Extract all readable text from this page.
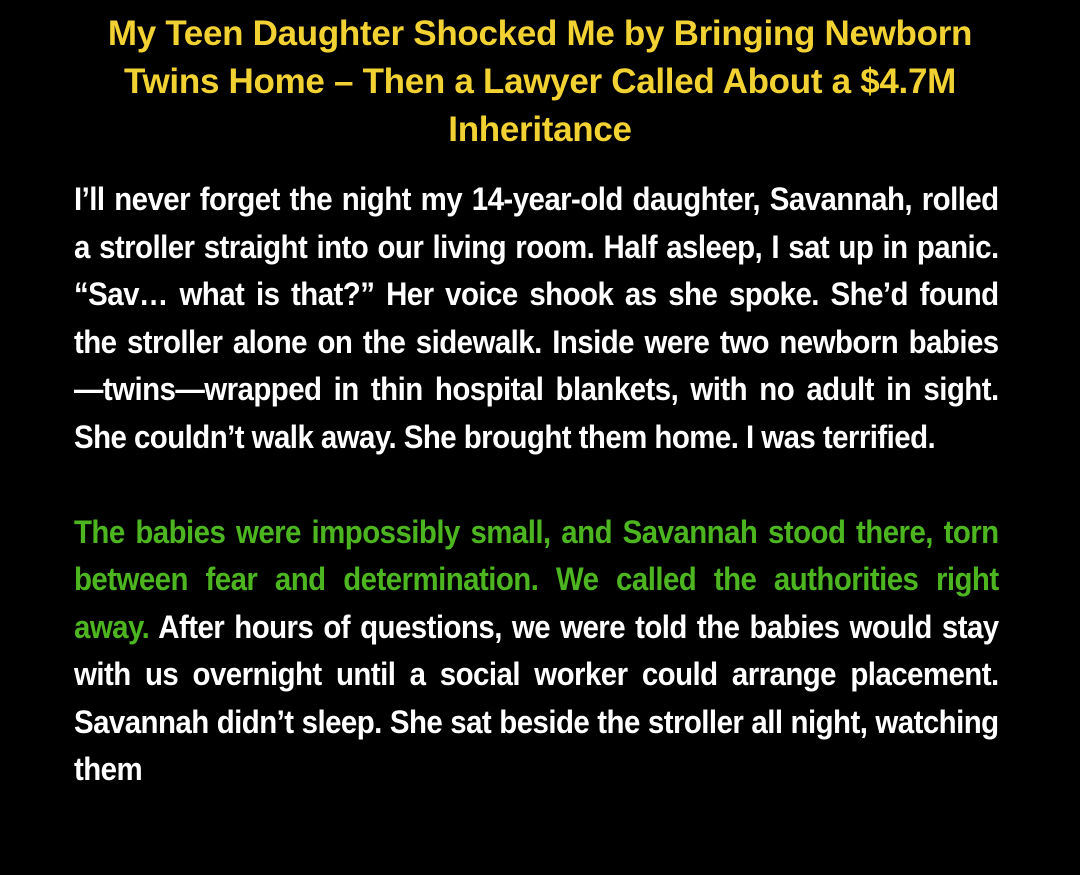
My Teen Daughter Shocked Me by Bringing Newborn Twins Home – Then a Lawyer Called About a $4.7M Inheritance

I’ll never forget the night my 14-year-old daughter, Savannah, rolled a stroller straight into our living room. Half asleep, I sat up in panic. “Sav… what is that?” Her voice shook as she spoke. She’d found the stroller alone on the sidewalk. Inside were two newborn babies—twins—wrapped in thin hospital blankets, with no adult in sight. She couldn’t walk away. She brought them home. I was terrified.

The babies were impossibly small, and Savannah stood there, torn between fear and determination. We called the authorities right away. After hours of questions, we were told the babies would stay with us overnight until a social worker could arrange placement. Savannah didn’t sleep. She sat beside the stroller all night, watching them
